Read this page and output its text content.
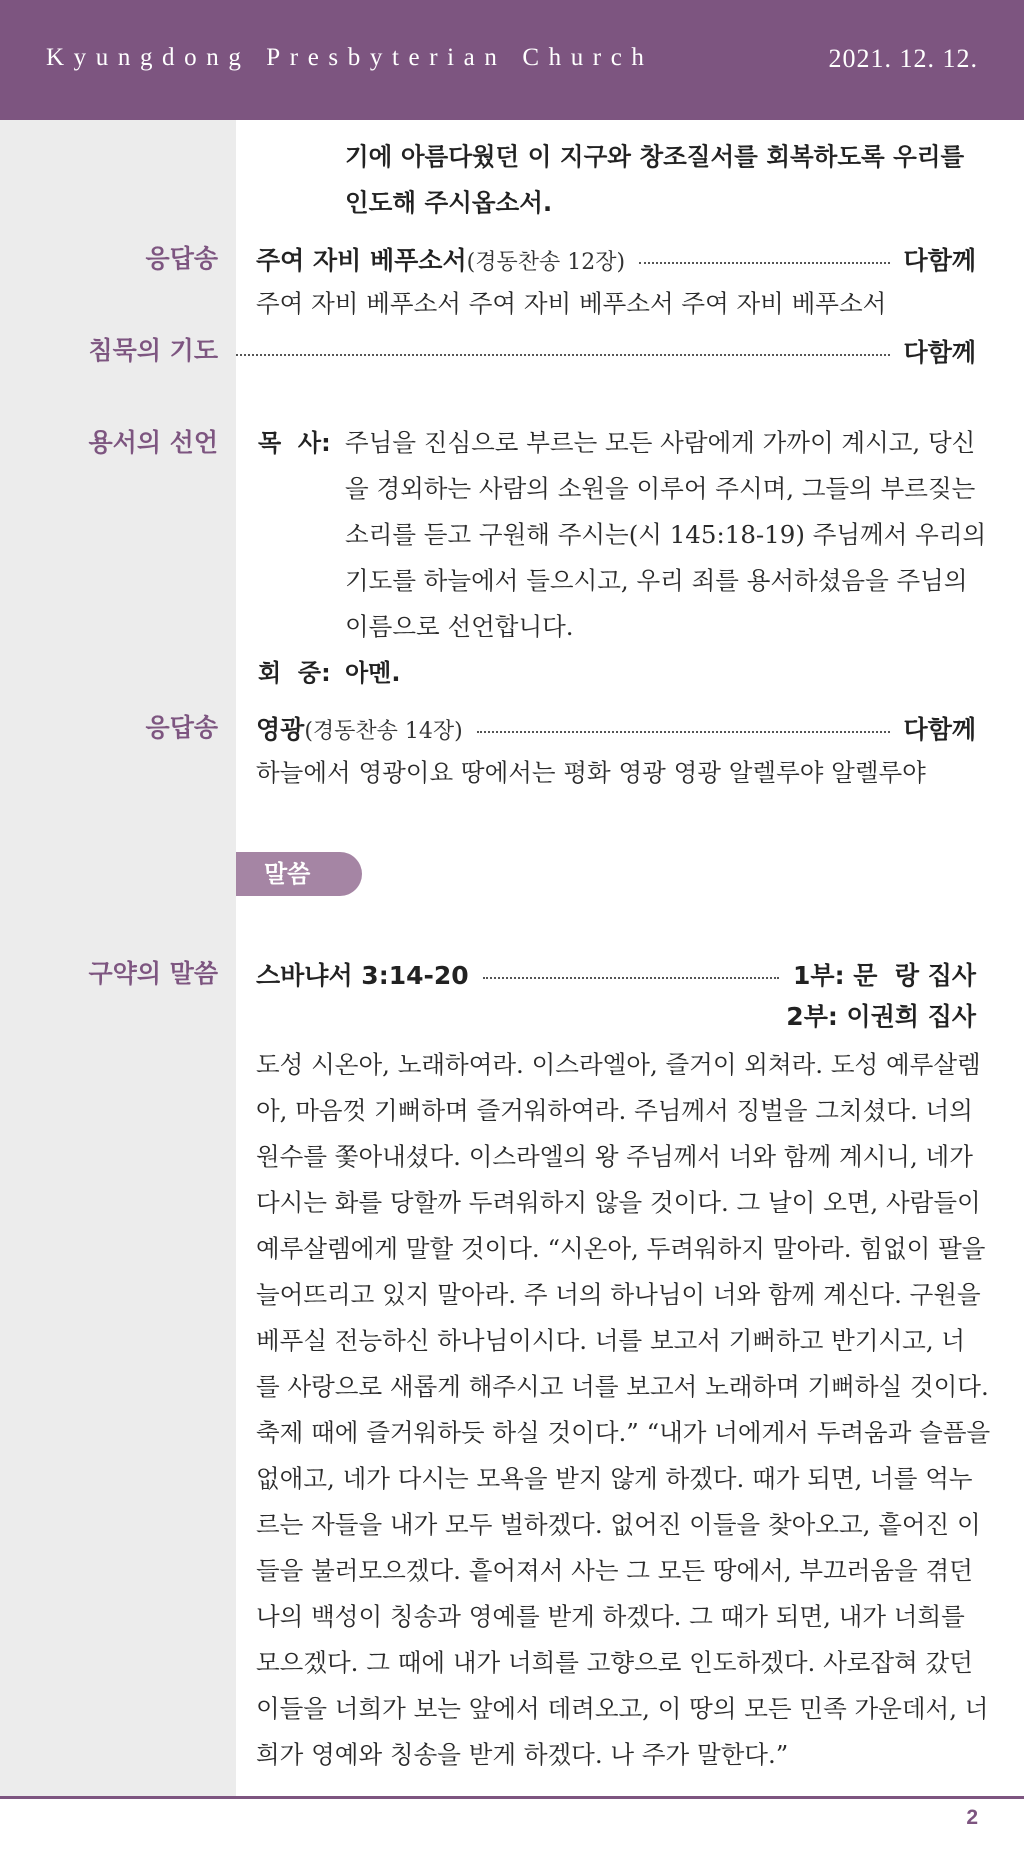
Kyungdong Presbyterian Church	2021. 12. 12.
기에 아름다웠던 이 지구와 창조질서를 회복하도록 우리를
인도해 주시옵소서.
응답송 주여 자비 베푸소서(경동찬송 12장)	다함께
주여 자비 베푸소서 주여 자비 베푸소서 주여 자비 베푸소서
침묵의 기도	다함께
용서의 선언 목  사: 주님을 진심으로 부르는 모든 사람에게 가까이 계시고, 당신
을 경외하는 사람의 소원을 이루어 주시며, 그들의 부르짖는
소리를 듣고 구원해 주시는(시 145:18-19) 주님께서 우리의
기도를 하늘에서 들으시고, 우리 죄를 용서하셨음을 주님의
이름으로 선언합니다.
회  중: 아멘.
응답송 영광(경동찬송 14장)	다함께
하늘에서 영광이요 땅에서는 평화 영광 영광 알렐루야 알렐루야
말씀
구약의 말씀 스바냐서 3:14-20	1부: 문  랑 집사
2부: 이권희 집사
도성 시온아, 노래하여라. 이스라엘아, 즐거이 외쳐라. 도성 예루살렘
아, 마음껏 기뻐하며 즐거워하여라. 주님께서 징벌을 그치셨다. 너의
원수를 쫓아내셨다. 이스라엘의 왕 주님께서 너와 함께 계시니, 네가
다시는 화를 당할까 두려워하지 않을 것이다. 그 날이 오면, 사람들이
예루살렘에게 말할 것이다. “시온아, 두려워하지 말아라. 힘없이 팔을
늘어뜨리고 있지 말아라. 주 너의 하나님이 너와 함께 계신다. 구원을
베푸실 전능하신 하나님이시다. 너를 보고서 기뻐하고 반기시고, 너
를 사랑으로 새롭게 해주시고 너를 보고서 노래하며 기뻐하실 것이다.
축제 때에 즐거워하듯 하실 것이다.” “내가 너에게서 두려움과 슬픔을
없애고, 네가 다시는 모욕을 받지 않게 하겠다. 때가 되면, 너를 억누
르는 자들을 내가 모두 벌하겠다. 없어진 이들을 찾아오고, 흩어진 이
들을 불러모으겠다. 흩어져서 사는 그 모든 땅에서, 부끄러움을 겪던
나의 백성이 칭송과 영예를 받게 하겠다. 그 때가 되면, 내가 너희를
모으겠다. 그 때에 내가 너희를 고향으로 인도하겠다. 사로잡혀 갔던
이들을 너희가 보는 앞에서 데려오고, 이 땅의 모든 민족 가운데서, 너
희가 영예와 칭송을 받게 하겠다. 나 주가 말한다.”
2
